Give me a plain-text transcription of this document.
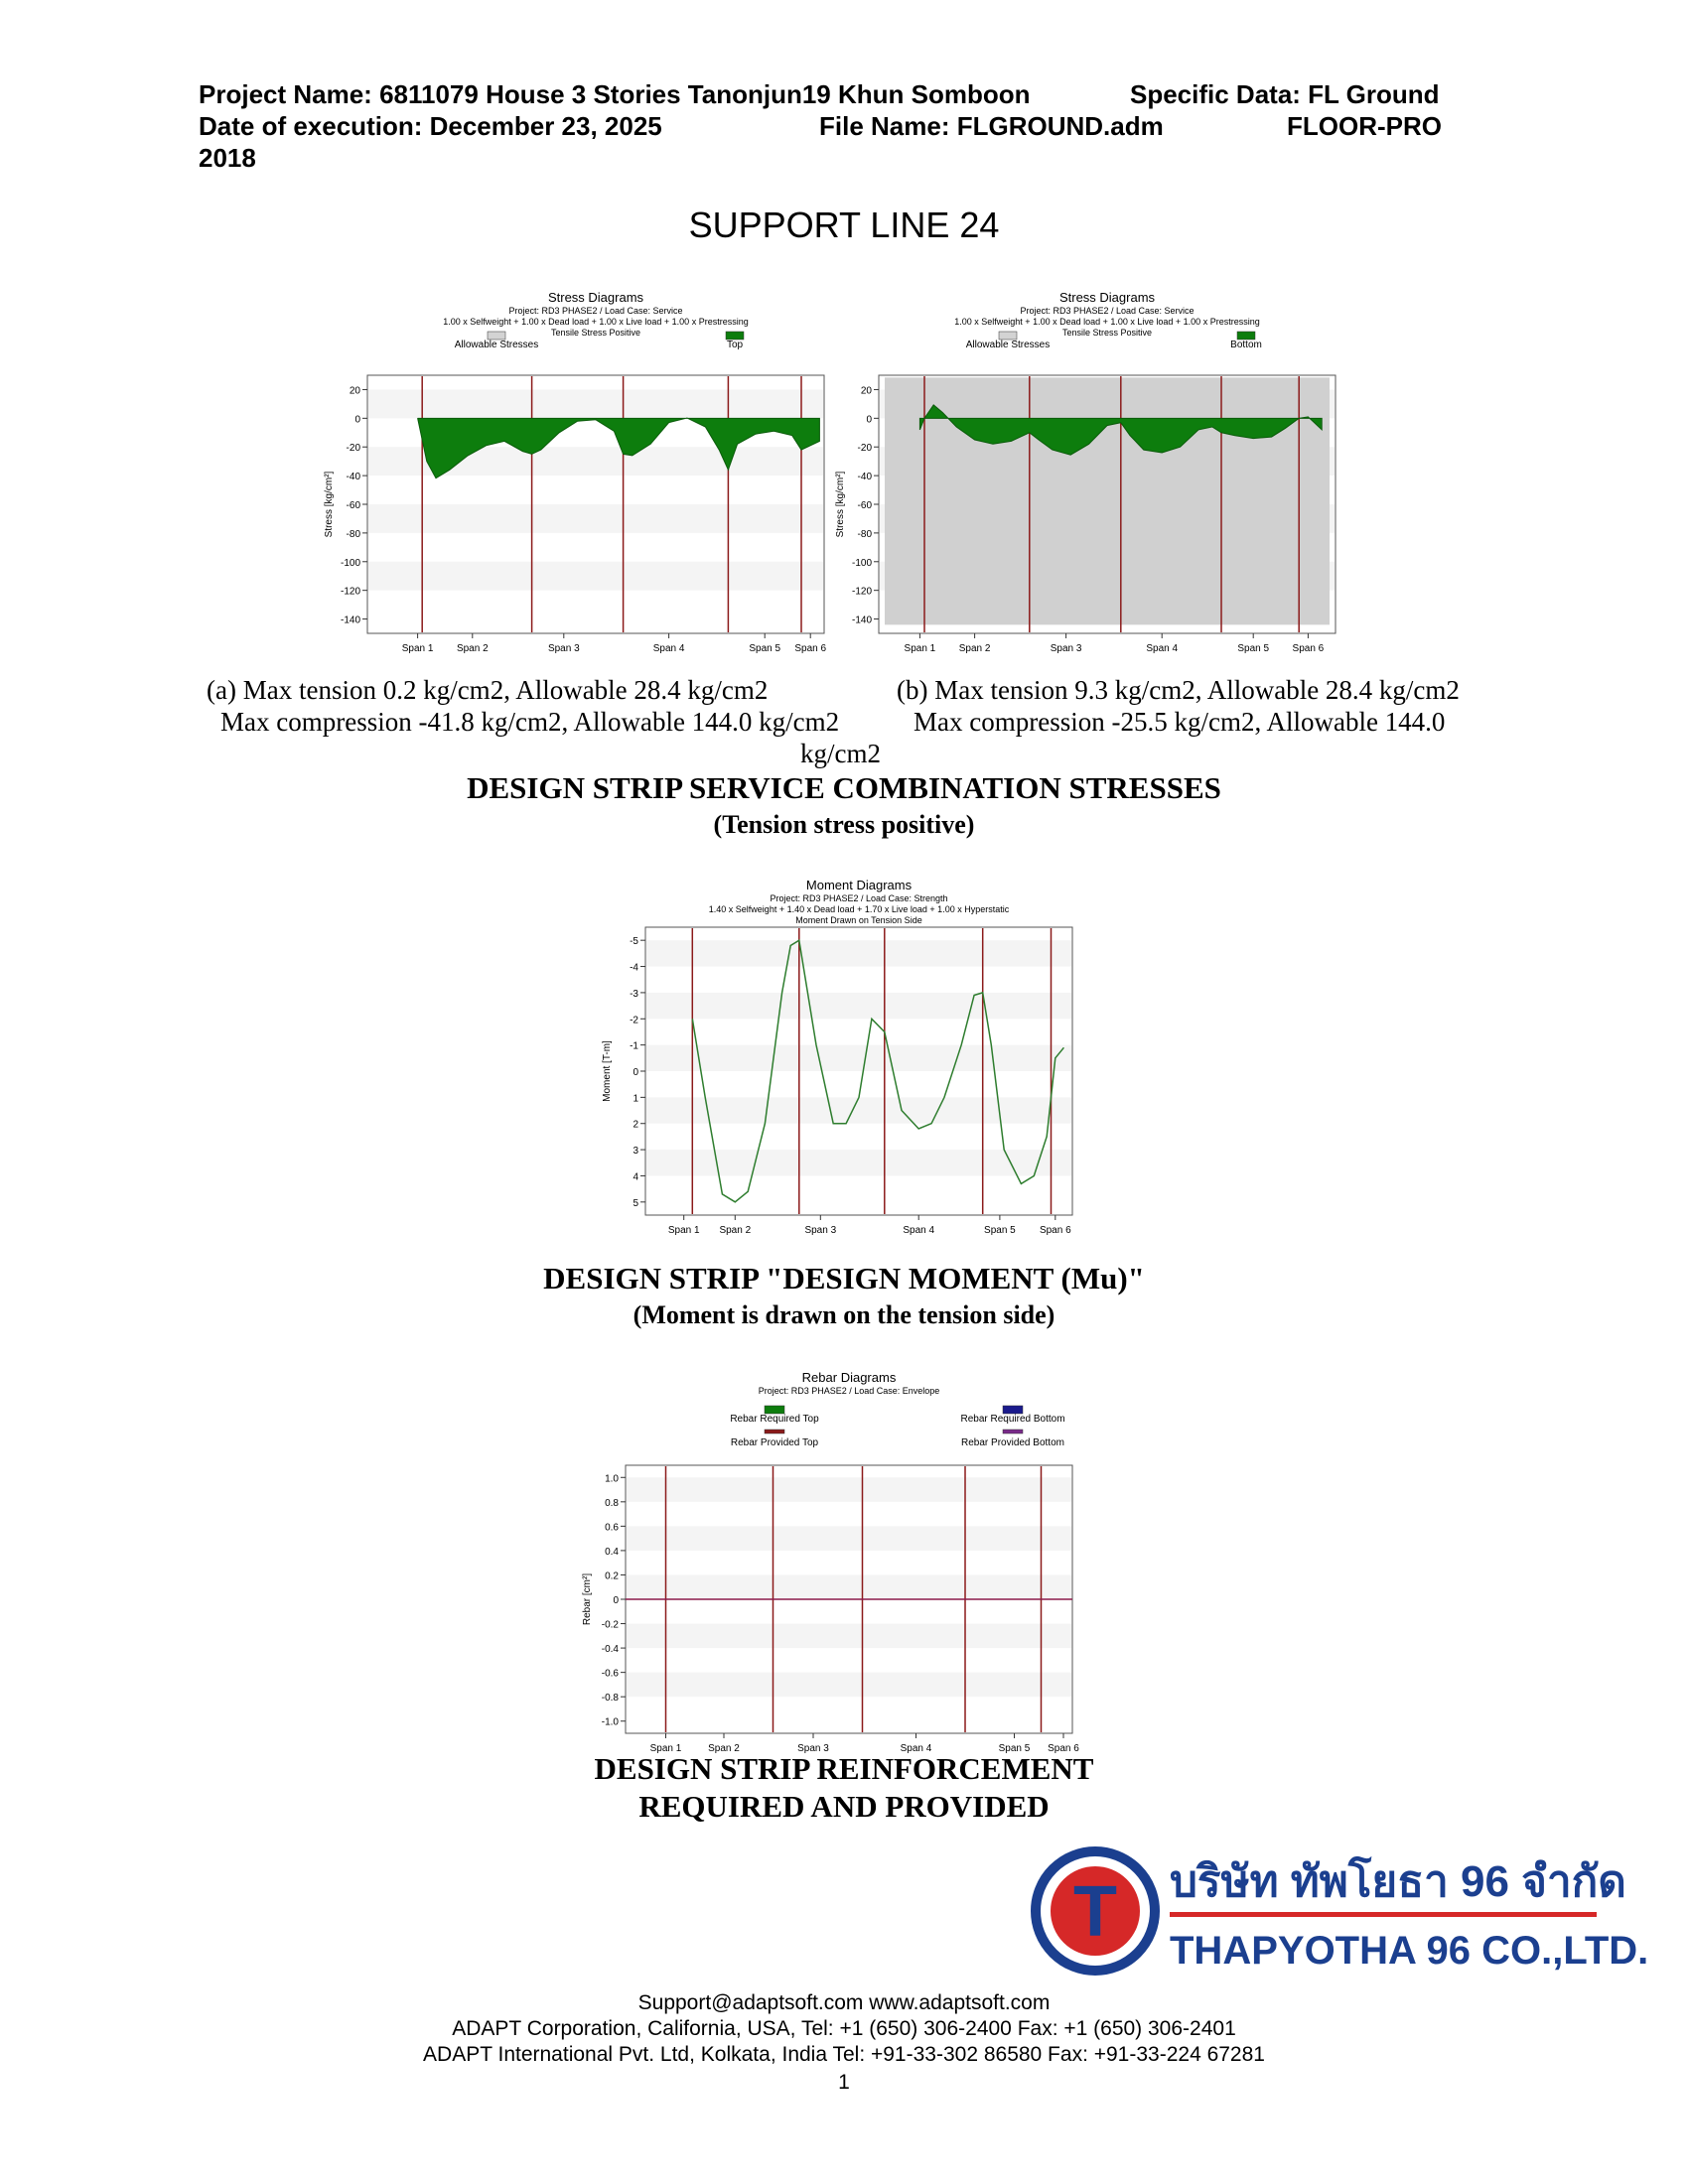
Project Name: 6811079 House 3 Stories Tanonjun19 Khun Somboon	Specific Data: FL Ground
Date of execution: December 23, 2025	File Name: FLGROUND.adm	FLOOR-PRO
2018
SUPPORT LINE 24
Stress Diagrams
Project: RD3 PHASE2 / Load Case: Service
1.00 x Selfweight + 1.00 x Dead load + 1.00 x Live load + 1.00 x Prestressing
Tensile Stress Positive
Allowable Stresses	Top
20
0
-20
-40
-60
-80
-100
-120
-140
Stress [kg/cm²]
Span 1 Span 2	Span 3	Span 4	Span 5 Span 6
Stress Diagrams
Project: RD3 PHASE2 / Load Case: Service
1.00 x Selfweight + 1.00 x Dead load + 1.00 x Live load + 1.00 x Prestressing
Tensile Stress Positive
Allowable Stresses	Bottom
20
0
-20
-40
-60
-80
-100
-120
-140
Stress [kg/cm²]
Span 1 Span 2	Span 3	Span 4	Span 5 Span 6
(a) Max tension 0.2 kg/cm2, Allowable 28.4 kg/cm2
Max compression -41.8 kg/cm2, Allowable 144.0 kg/cm2
(b) Max tension 9.3 kg/cm2, Allowable 28.4 kg/cm2
Max compression -25.5 kg/cm2, Allowable 144.0
kg/cm2
DESIGN STRIP SERVICE COMBINATION STRESSES
(Tension stress positive)
Moment Diagrams
Project: RD3 PHASE2 / Load Case: Strength
1.40 x Selfweight + 1.40 x Dead load + 1.70 x Live load + 1.00 x Hyperstatic
Moment Drawn on Tension Side
-5
-4
-3
-2
-1
0
1
2
3
4
5
Moment [T-m]
Span 1 Span 2	Span 3	Span 4	Span 5 Span 6
DESIGN STRIP "DESIGN MOMENT (Mu)"
(Moment is drawn on the tension side)
Rebar Diagrams
Project: RD3 PHASE2 / Load Case: Envelope
Rebar Required Top	Rebar Required Bottom
Rebar Provided Top	Rebar Provided Bottom
1.0
0.8
0.6
0.4
0.2
0
-0.2
-0.4
-0.6
-0.8
-1.0
Rebar [cm²]
Span 1	Span 2	Span 3	Span 4	Span 5 Span 6
DESIGN STRIP REINFORCEMENT
REQUIRED AND PROVIDED
T บริษัท ทัพโยธา 96 จำกัด
THAPYOTHA 96 CO.,LTD.
Support@adaptsoft.com www.adaptsoft.com
ADAPT Corporation, California, USA, Tel: +1 (650) 306-2400 Fax: +1 (650) 306-2401
ADAPT International Pvt. Ltd, Kolkata, India Tel: +91-33-302 86580 Fax: +91-33-224 67281
1
